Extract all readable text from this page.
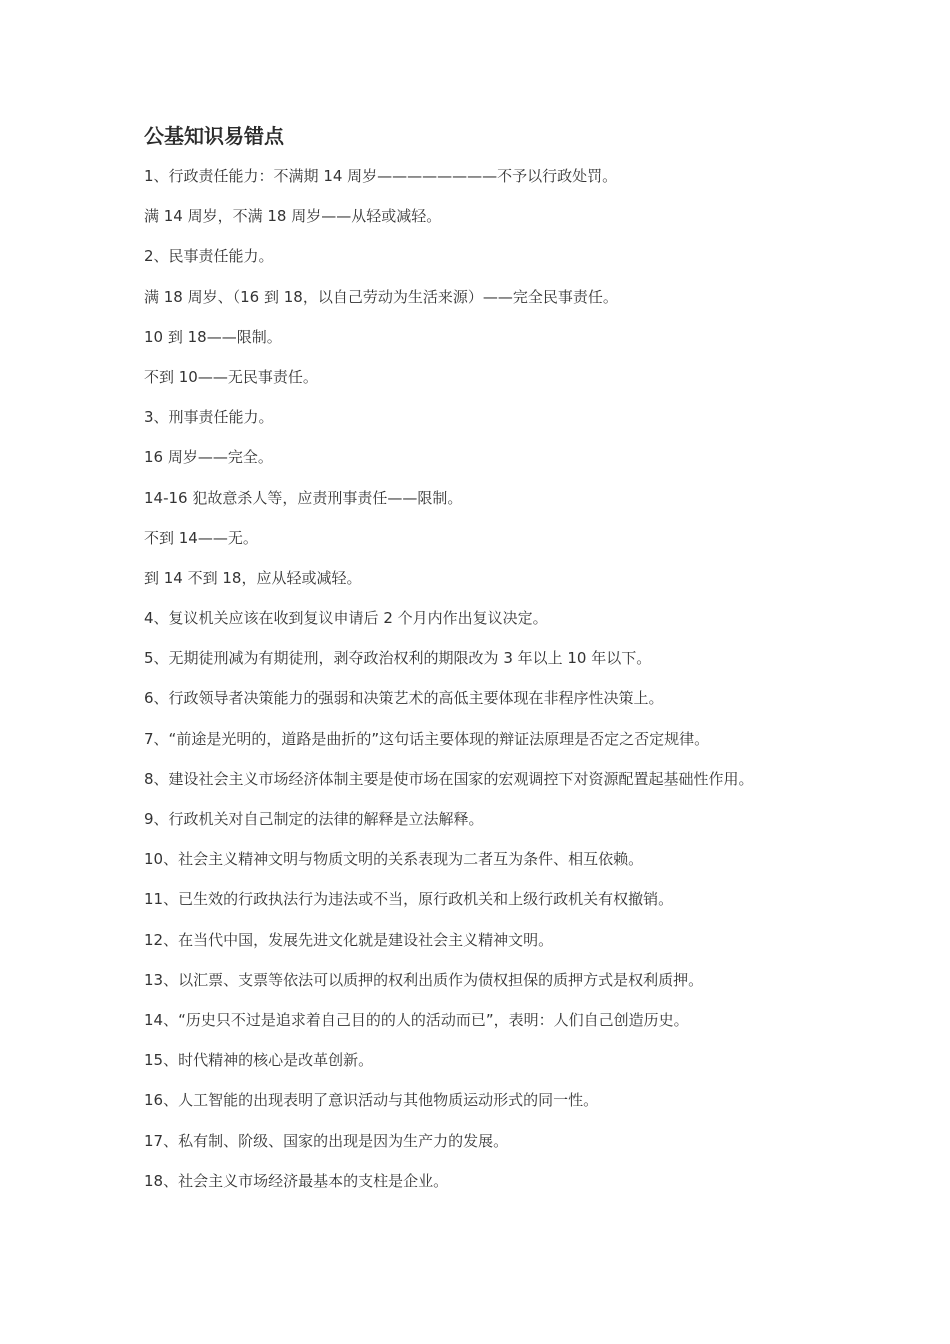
公基知识易错点
1、行政责任能力：不满期 14 周岁————————不予以行政处罚。
满 14 周岁，不满 18 周岁——从轻或减轻。
2、民事责任能力。
满 18 周岁、（16 到 18，以自己劳动为生活来源）——完全民事责任。
10 到 18——限制。
不到 10——无民事责任。
3、刑事责任能力。
16 周岁——完全。
14-16 犯故意杀人等，应责刑事责任——限制。
不到 14——无。
到 14 不到 18，应从轻或减轻。
4、复议机关应该在收到复议申请后 2 个月内作出复议决定。
5、无期徒刑减为有期徒刑，剥夺政治权利的期限改为 3 年以上 10 年以下。
6、行政领导者决策能力的强弱和决策艺术的高低主要体现在非程序性决策上。
7、“前途是光明的，道路是曲折的”这句话主要体现的辩证法原理是否定之否定规律。
8、建设社会主义市场经济体制主要是使市场在国家的宏观调控下对资源配置起基础性作用。
9、行政机关对自己制定的法律的解释是立法解释。
10、社会主义精神文明与物质文明的关系表现为二者互为条件、相互依赖。
11、已生效的行政执法行为违法或不当，原行政机关和上级行政机关有权撤销。
12、在当代中国，发展先进文化就是建设社会主义精神文明。
13、以汇票、支票等依法可以质押的权利出质作为债权担保的质押方式是权利质押。
14、“历史只不过是追求着自己目的的人的活动而已”，表明：人们自己创造历史。
15、时代精神的核心是改革创新。
16、人工智能的出现表明了意识活动与其他物质运动形式的同一性。
17、私有制、阶级、国家的出现是因为生产力的发展。
18、社会主义市场经济最基本的支柱是企业。
